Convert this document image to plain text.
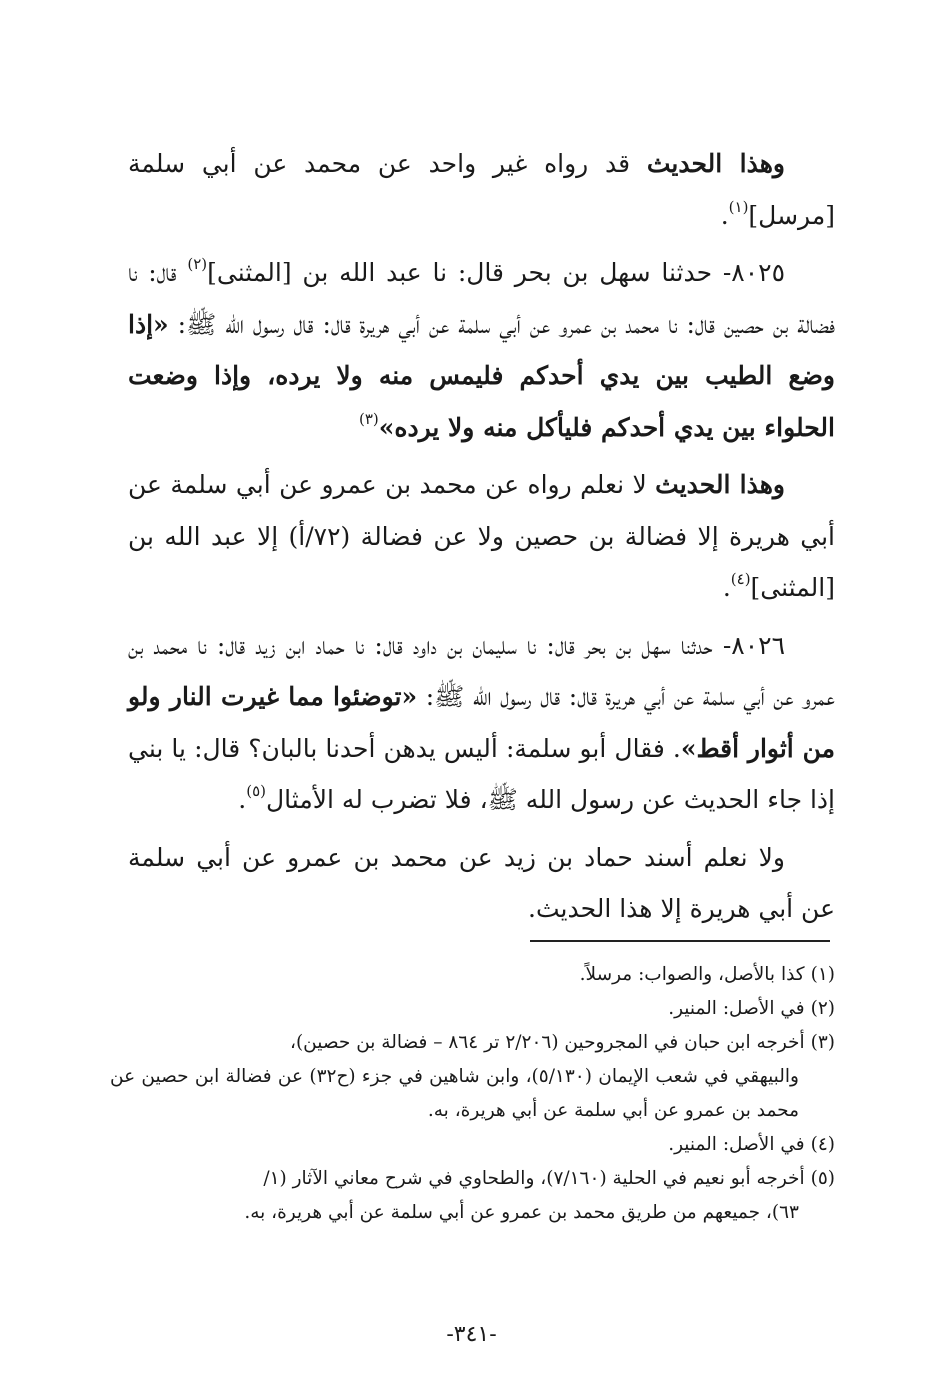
وهذا الحديث قد رواه غير واحد عن محمد عن أبي سلمة [مرسل]$^{(١)}$.

٨٠٢٥- حدثنا سهل بن بحر قال: نا عبد الله بن [المثنى]$^{(٢)}$ قال: نا فضالة بن حصين قال: نا محمد بن عمرو عن أبي سلمة عن أبي هريرة قال: قال رسول الله ﷺ: «إذا وضع الطيب بين يدي أحدكم فليمس منه ولا يرده، وإذا وضعت الحلواء بين يدي أحدكم فليأكل منه ولا يرده»$^{(٣)}$

وهذا الحديث لا نعلم رواه عن محمد بن عمرو عن أبي سلمة عن أبي هريرة إلا فضالة بن حصين ولا عن فضالة (٧٢/أ) إلا عبد الله بن [المثنى]$^{(٤)}$.

٨٠٢٦- حدثنا سهل بن بحر قال: نا سليمان بن داود قال: نا حماد ابن زيد قال: نا محمد بن عمرو عن أبي سلمة عن أبي هريرة قال: قال رسول الله ﷺ: «توضئوا مما غيرت النار ولو من أثوار أقط». فقال أبو سلمة: أليس يدهن أحدنا بالبان؟ قال: يا بني إذا جاء الحديث عن رسول الله ﷺ، فلا تضرب له الأمثال$^{(٥)}$.

ولا نعلم أسند حماد بن زيد عن محمد بن عمرو عن أبي سلمة عن أبي هريرة إلا هذا الحديث.

(١)كذا بالأصل، والصواب: مرسلاً.

(٢)في الأصل: المنير.

(٣)أخرجه ابن حبان في المجروحين (٢/٢٠٦ تر ٨٦٤ – فضالة بن حصين)،
والبيهقي في شعب الإيمان (٥/١٣٠)، وابن شاهين في جزء (ح٣٢) عن فضالة ابن حصين عن محمد بن عمرو عن أبي سلمة عن أبي هريرة، به.

(٤)في الأصل: المنير.

(٥)أخرجه أبو نعيم في الحلية (٧/١٦٠)، والطحاوي في شرح معاني الآثار (١/
٦٣)، جميعهم من طريق محمد بن عمرو عن أبي سلمة عن أبي هريرة، به.

-٣٤١-
